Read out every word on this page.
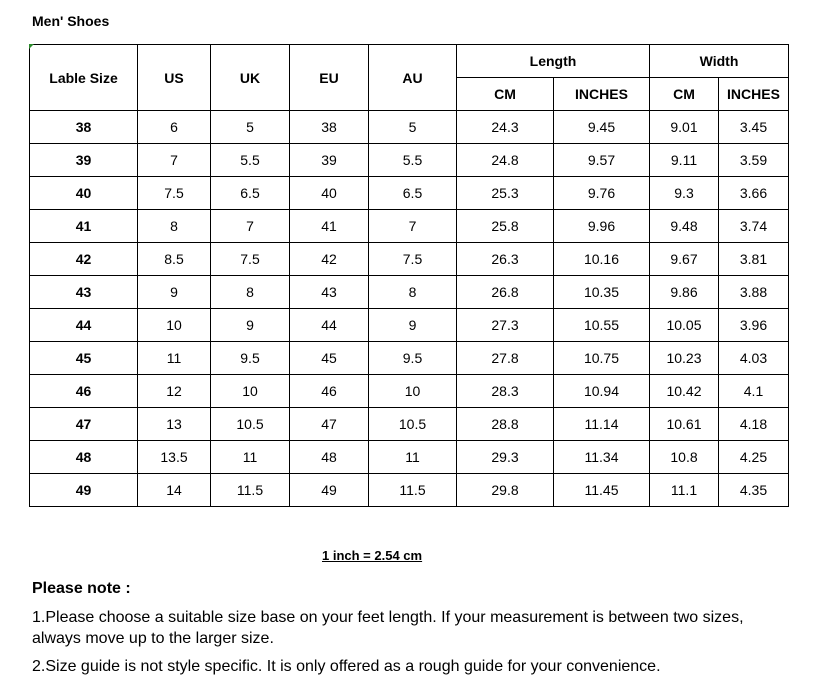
Men' Shoes
Lable Size	US	UK	EU	AU	Length		Width	
					CM	INCHES	CM	INCHES
38	6	5	38	5	24.3	9.45	9.01	3.45
39	7	5.5	39	5.5	24.8	9.57	9.11	3.59
40	7.5	6.5	40	6.5	25.3	9.76	9.3	3.66
41	8	7	41	7	25.8	9.96	9.48	3.74
42	8.5	7.5	42	7.5	26.3	10.16	9.67	3.81
43	9	8	43	8	26.8	10.35	9.86	3.88
44	10	9	44	9	27.3	10.55	10.05	3.96
45	11	9.5	45	9.5	27.8	10.75	10.23	4.03
46	12	10	46	10	28.3	10.94	10.42	4.1
47	13	10.5	47	10.5	28.8	11.14	10.61	4.18
48	13.5	11	48	11	29.3	11.34	10.8	4.25
49	14	11.5	49	11.5	29.8	11.45	11.1	4.35
1 inch = 2.54 cm
Please note :
1.Please choose a suitable size base on your feet length. If your measurement is between two sizes, always move up to the larger size.
2.Size guide is not style specific. It is only offered as a rough guide for your convenience.
